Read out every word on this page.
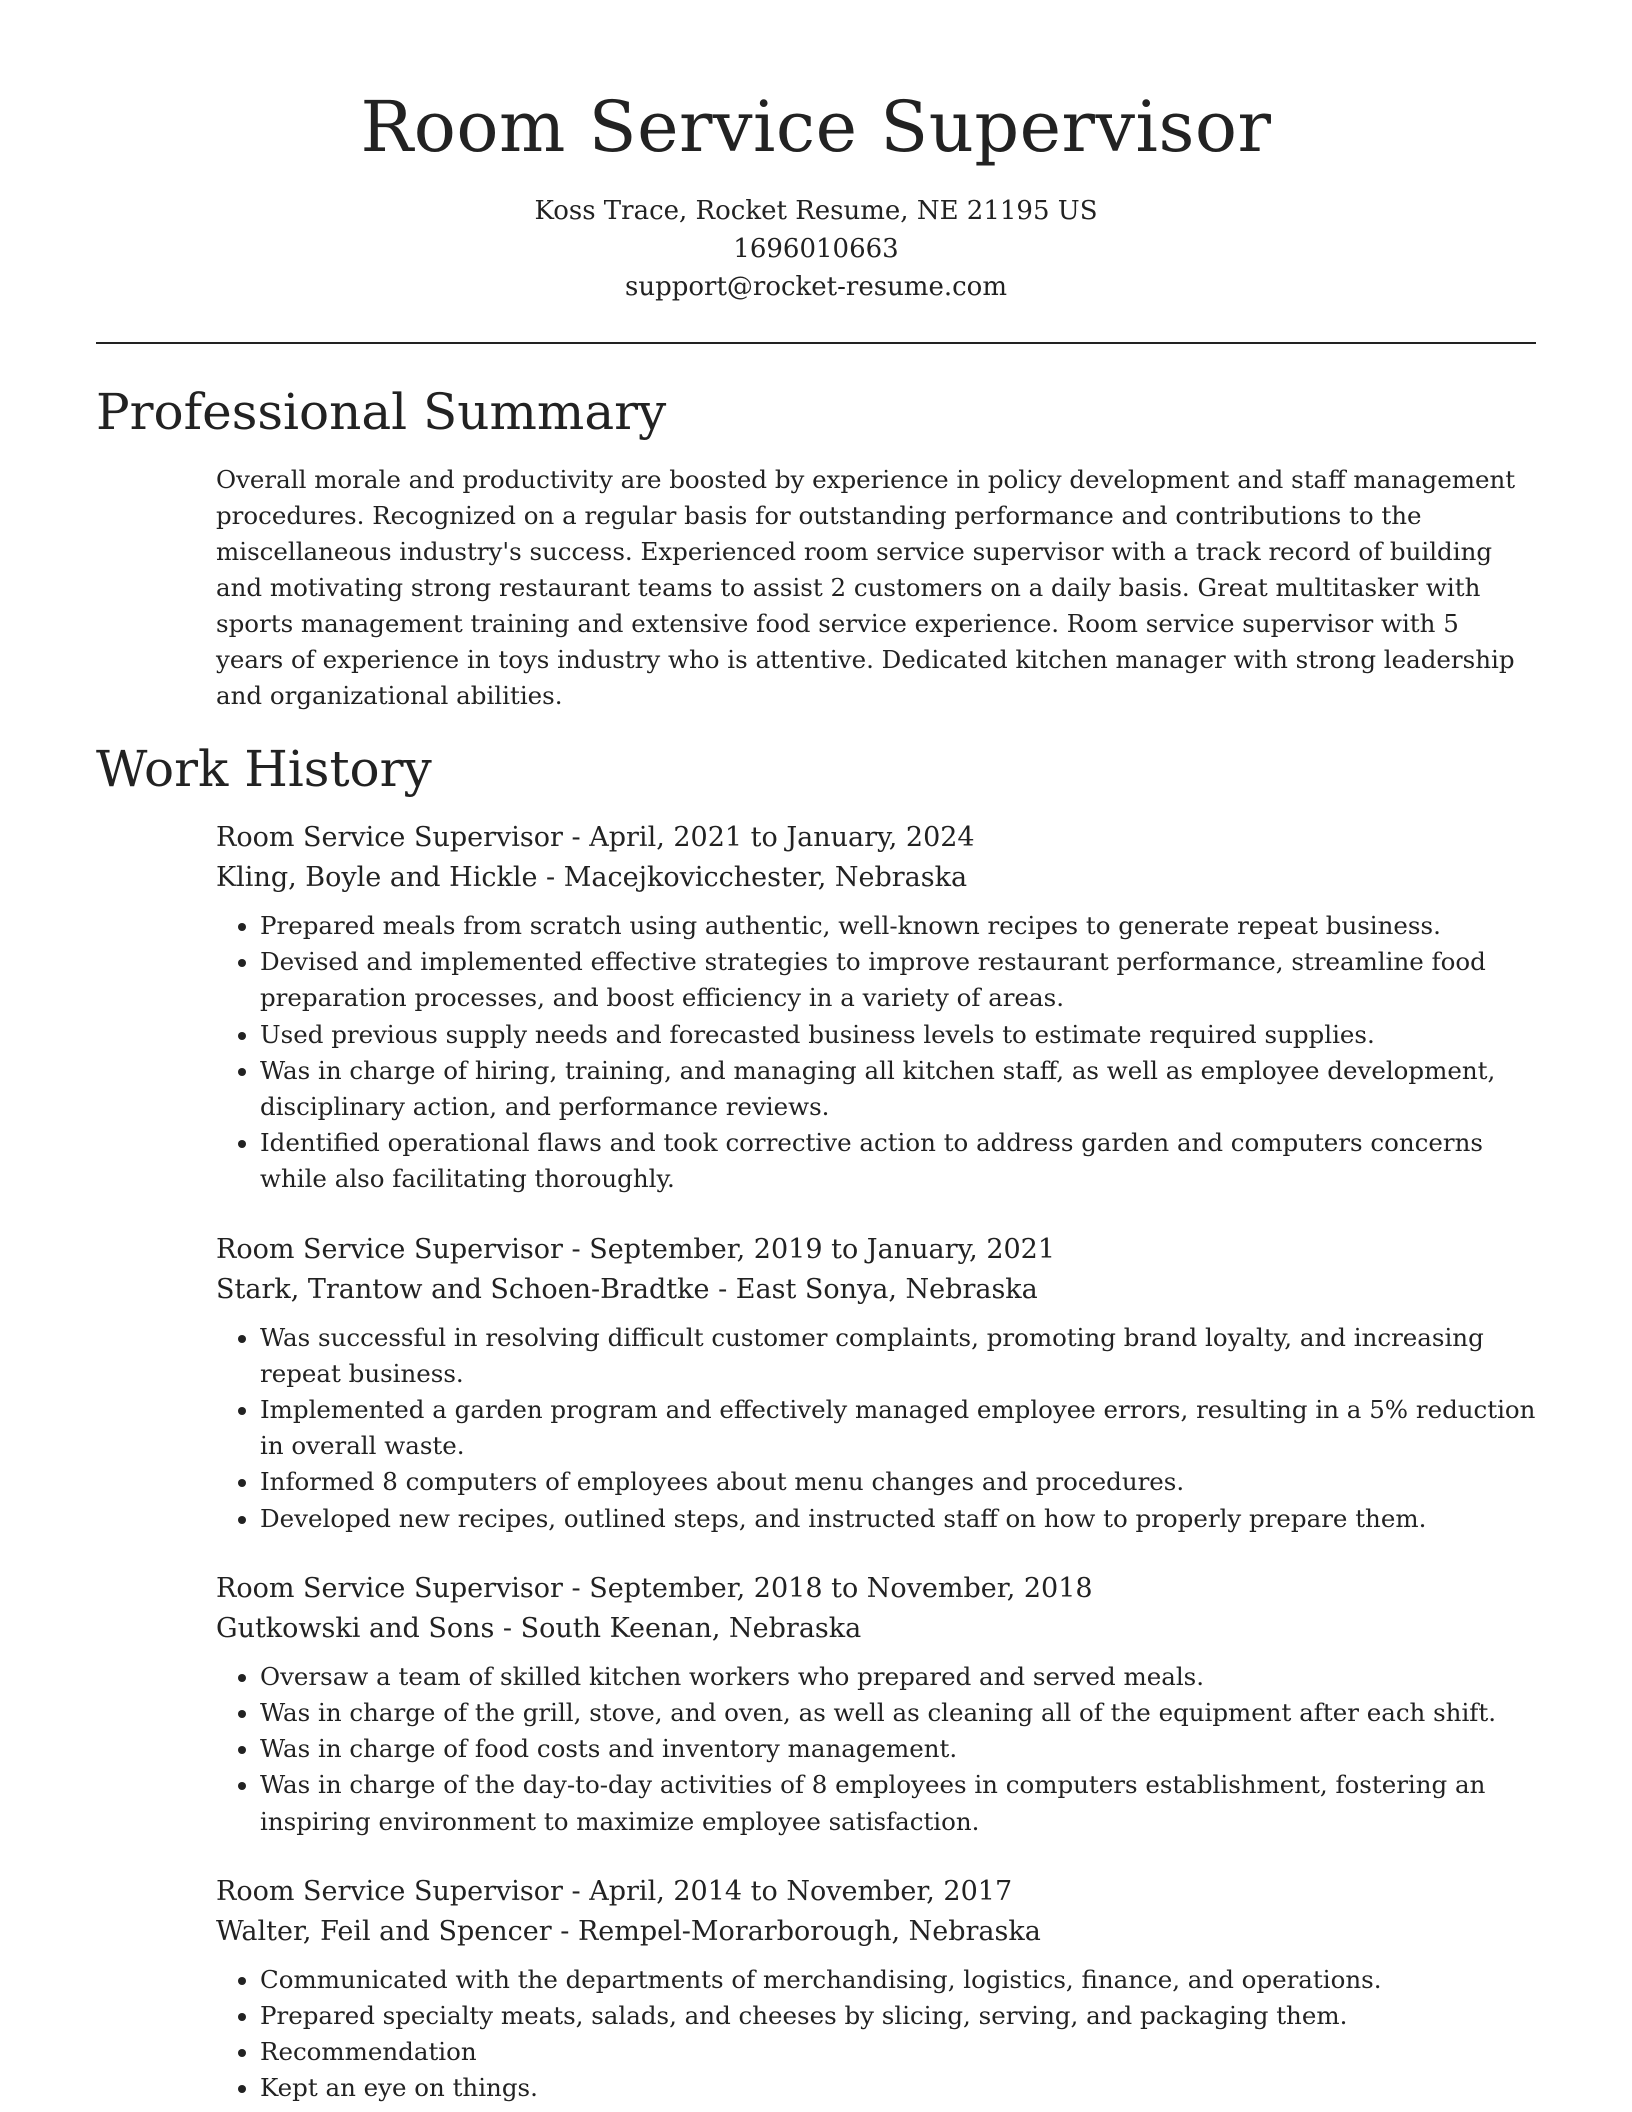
Room Service Supervisor

Koss Trace, Rocket Resume, NE 21195 US

1696010663

support@rocket-resume.com

Professional Summary

Overall morale and productivity are boosted by experience in policy development and staff management procedures. Recognized on a regular basis for outstanding performance and contributions to the miscellaneous industry's success. Experienced room service supervisor with a track record of building and motivating strong restaurant teams to assist 2 customers on a daily basis. Great multitasker with sports management training and extensive food service experience. Room service supervisor with 5 years of experience in toys industry who is attentive. Dedicated kitchen manager with strong leadership and organizational abilities.

Work History

Room Service Supervisor - April, 2021 to January, 2024

Kling, Boyle and Hickle - Macejkovicchester, Nebraska

• Prepared meals from scratch using authentic, well-known recipes to generate repeat business.
• Devised and implemented effective strategies to improve restaurant performance, streamline food preparation processes, and boost efficiency in a variety of areas.
• Used previous supply needs and forecasted business levels to estimate required supplies.
• Was in charge of hiring, training, and managing all kitchen staff, as well as employee development, disciplinary action, and performance reviews.
• Identified operational flaws and took corrective action to address garden and computers concerns while also facilitating thoroughly.

Room Service Supervisor - September, 2019 to January, 2021

Stark, Trantow and Schoen-Bradtke - East Sonya, Nebraska

• Was successful in resolving difficult customer complaints, promoting brand loyalty, and increasing repeat business.
• Implemented a garden program and effectively managed employee errors, resulting in a 5% reduction in overall waste.
• Informed 8 computers of employees about menu changes and procedures.
• Developed new recipes, outlined steps, and instructed staff on how to properly prepare them.

Room Service Supervisor - September, 2018 to November, 2018

Gutkowski and Sons - South Keenan, Nebraska

• Oversaw a team of skilled kitchen workers who prepared and served meals.
• Was in charge of the grill, stove, and oven, as well as cleaning all of the equipment after each shift.
• Was in charge of food costs and inventory management.
• Was in charge of the day-to-day activities of 8 employees in computers establishment, fostering an inspiring environment to maximize employee satisfaction.

Room Service Supervisor - April, 2014 to November, 2017

Walter, Feil and Spencer - Rempel-Morarborough, Nebraska

• Communicated with the departments of merchandising, logistics, finance, and operations.
• Prepared specialty meats, salads, and cheeses by slicing, serving, and packaging them.
• Recommendation
• Kept an eye on things.
